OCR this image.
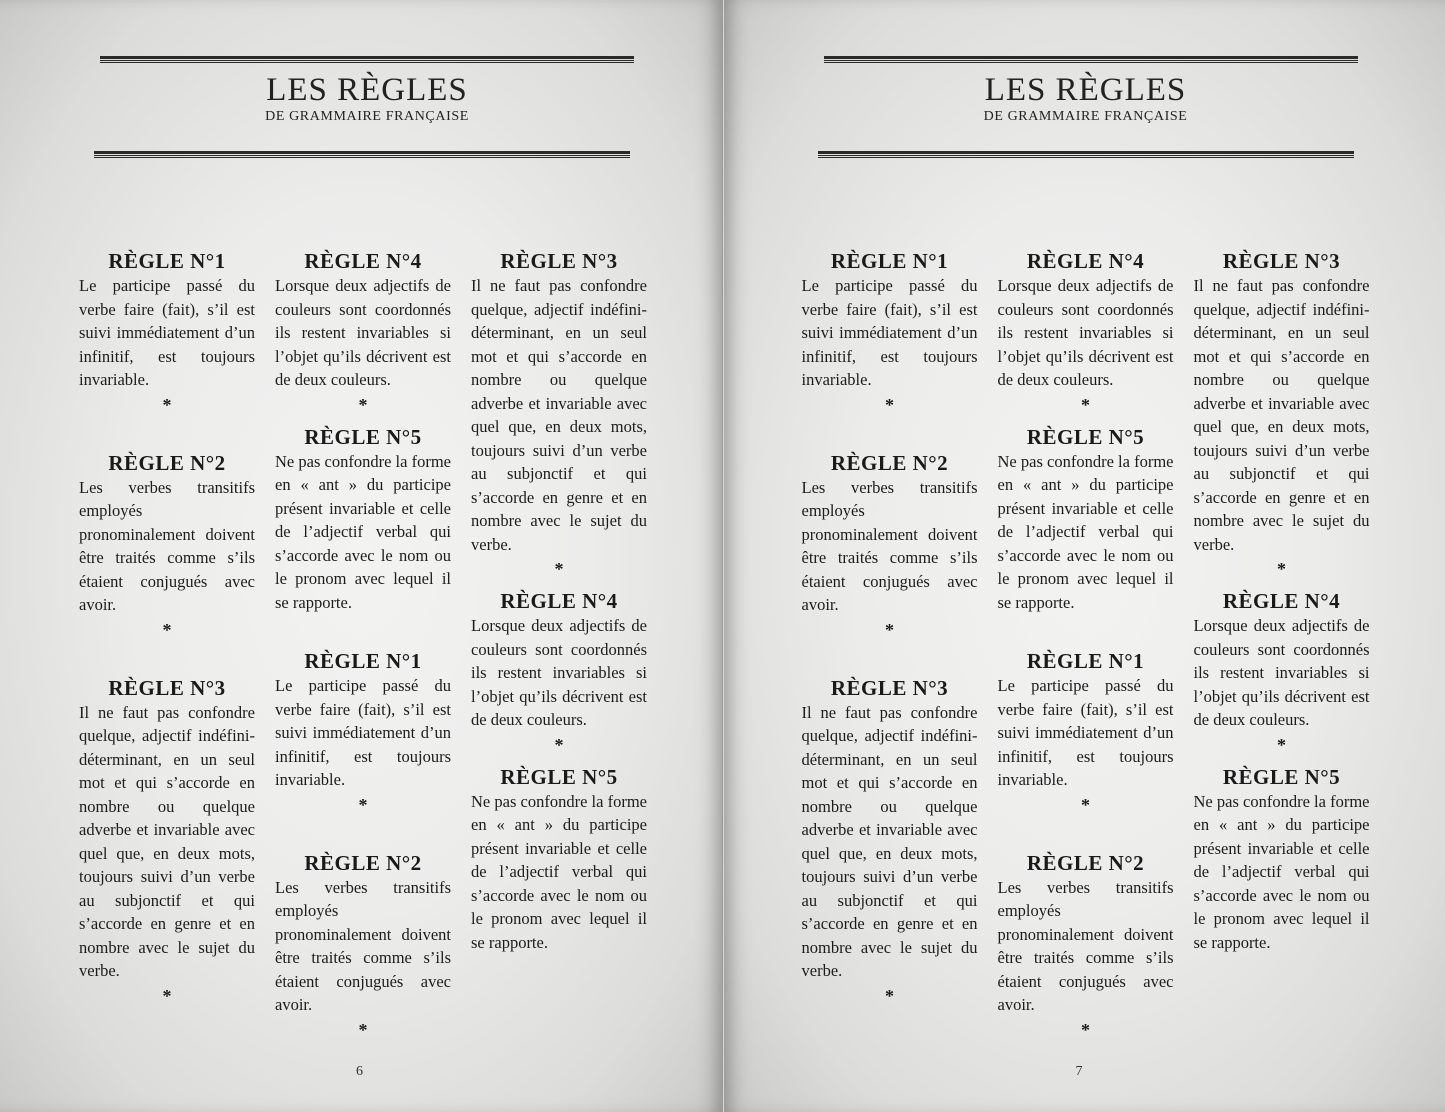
LES RÈGLES
DE GRAMMAIRE FRANÇAISE
RÈGLE N°1
Le participe passé du verbe faire (fait), s’il est suivi immédiatement d’un infinitif, est toujours invariable.
*
RÈGLE N°2
Les verbes transitifs employés pronominalement doivent être traités comme s’ils étaient conjugués avec avoir.
*
RÈGLE N°3
Il ne faut pas confondre quelque, adjectif indéfini-déterminant, en un seul mot et qui s’accorde en nombre ou quelque adverbe et invariable avec quel que, en deux mots, toujours suivi d’un verbe au subjonctif et qui s’accorde en genre et en nombre avec le sujet du verbe.
*
RÈGLE N°4
Lorsque deux adjectifs de couleurs sont coordonnés ils restent invariables si l’objet qu’ils décrivent est de deux couleurs.
*
RÈGLE N°5
Ne pas confondre la forme en « ant » du participe présent invariable et celle de l’adjectif verbal qui s’accorde avec le nom ou le pronom avec lequel il se rapporte.
RÈGLE N°1
Le participe passé du verbe faire (fait), s’il est suivi immédiatement d’un infinitif, est toujours invariable.
*
RÈGLE N°2
Les verbes transitifs employés pronominalement doivent être traités comme s’ils étaient conjugués avec avoir.
*
RÈGLE N°3
Il ne faut pas confondre quelque, adjectif indéfini-déterminant, en un seul mot et qui s’accorde en nombre ou quelque adverbe et invariable avec quel que, en deux mots, toujours suivi d’un verbe au subjonctif et qui s’accorde en genre et en nombre avec le sujet du verbe.
*
RÈGLE N°4
Lorsque deux adjectifs de couleurs sont coordonnés ils restent invariables si l’objet qu’ils décrivent est de deux couleurs.
*
RÈGLE N°5
Ne pas confondre la forme en « ant » du participe présent invariable et celle de l’adjectif verbal qui s’accorde avec le nom ou le pronom avec lequel il se rapporte.
6
LES RÈGLES
DE GRAMMAIRE FRANÇAISE
RÈGLE N°1
Le participe passé du verbe faire (fait), s’il est suivi immédiatement d’un infinitif, est toujours invariable.
*
RÈGLE N°2
Les verbes transitifs employés pronominalement doivent être traités comme s’ils étaient conjugués avec avoir.
*
RÈGLE N°3
Il ne faut pas confondre quelque, adjectif indéfini-déterminant, en un seul mot et qui s’accorde en nombre ou quelque adverbe et invariable avec quel que, en deux mots, toujours suivi d’un verbe au subjonctif et qui s’accorde en genre et en nombre avec le sujet du verbe.
*
RÈGLE N°4
Lorsque deux adjectifs de couleurs sont coordonnés ils restent invariables si l’objet qu’ils décrivent est de deux couleurs.
*
RÈGLE N°5
Ne pas confondre la forme en « ant » du participe présent invariable et celle de l’adjectif verbal qui s’accorde avec le nom ou le pronom avec lequel il se rapporte.
RÈGLE N°1
Le participe passé du verbe faire (fait), s’il est suivi immédiatement d’un infinitif, est toujours invariable.
*
RÈGLE N°2
Les verbes transitifs employés pronominalement doivent être traités comme s’ils étaient conjugués avec avoir.
*
RÈGLE N°3
Il ne faut pas confondre quelque, adjectif indéfini-déterminant, en un seul mot et qui s’accorde en nombre ou quelque adverbe et invariable avec quel que, en deux mots, toujours suivi d’un verbe au subjonctif et qui s’accorde en genre et en nombre avec le sujet du verbe.
*
RÈGLE N°4
Lorsque deux adjectifs de couleurs sont coordonnés ils restent invariables si l’objet qu’ils décrivent est de deux couleurs.
*
RÈGLE N°5
Ne pas confondre la forme en « ant » du participe présent invariable et celle de l’adjectif verbal qui s’accorde avec le nom ou le pronom avec lequel il se rapporte.
7
